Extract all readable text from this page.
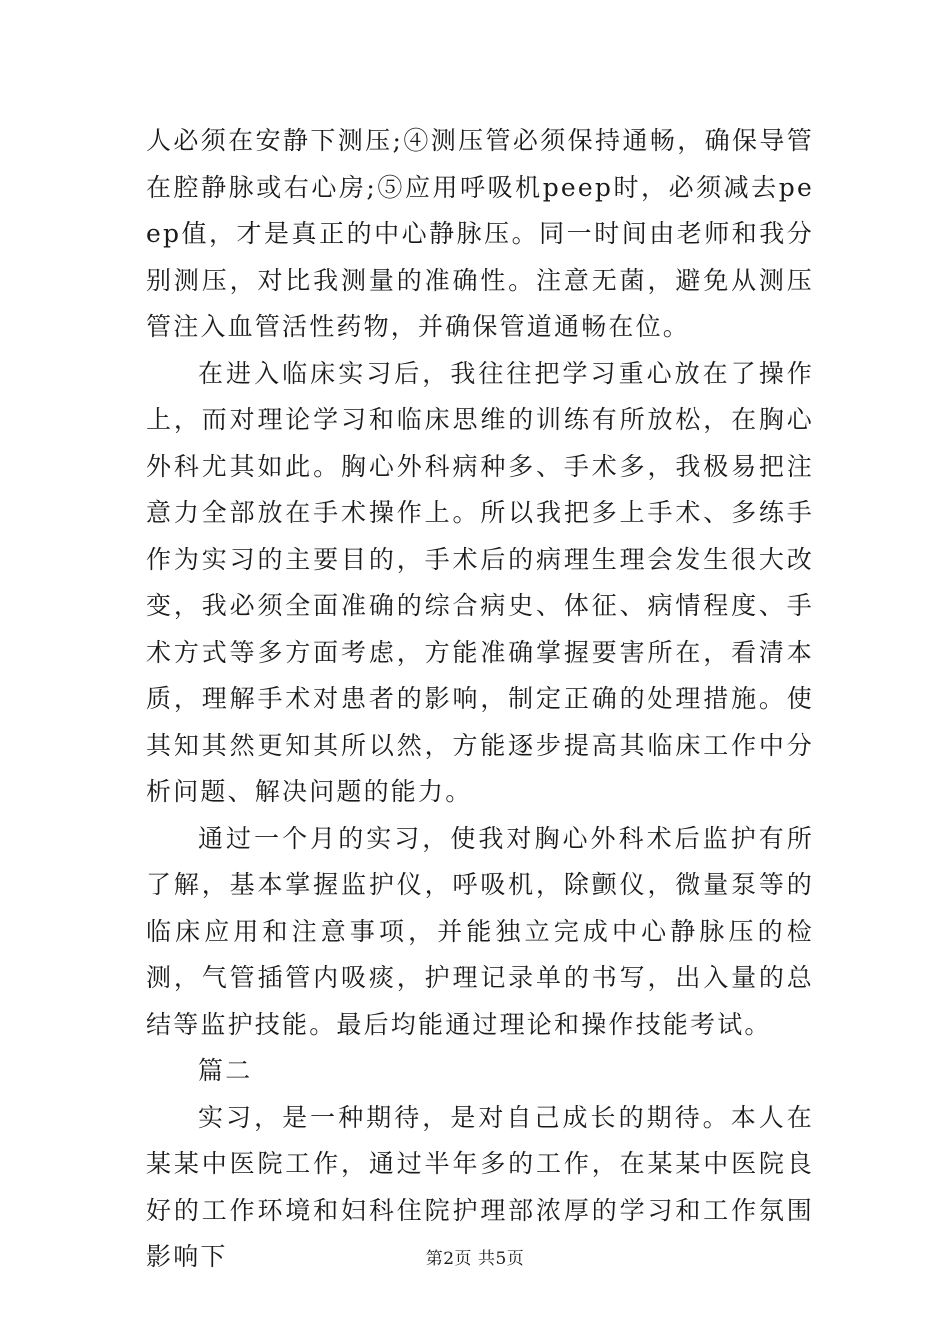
人必须在安静下测压;④测压管必须保持通畅，确保导管在腔静脉或右心房;⑤应用呼吸机peep时，必须减去peep值，才是真正的中心静脉压。同一时间由老师和我分别测压，对比我测量的准确性。注意无菌，避免从测压管注入血管活性药物，并确保管道通畅在位。

在进入临床实习后，我往往把学习重心放在了操作上，而对理论学习和临床思维的训练有所放松，在胸心外科尤其如此。胸心外科病种多、手术多，我极易把注意力全部放在手术操作上。所以我把多上手术、多练手作为实习的主要目的，手术后的病理生理会发生很大改变，我必须全面准确的综合病史、体征、病情程度、手术方式等多方面考虑，方能准确掌握要害所在，看清本质，理解手术对患者的影响，制定正确的处理措施。使其知其然更知其所以然，方能逐步提高其临床工作中分析问题、解决问题的能力。

通过一个月的实习，使我对胸心外科术后监护有所了解，基本掌握监护仪，呼吸机，除颤仪，微量泵等的临床应用和注意事项，并能独立完成中心静脉压的检测，气管插管内吸痰，护理记录单的书写，出入量的总结等监护技能。最后均能通过理论和操作技能考试。

篇二

实习，是一种期待，是对自己成长的期待。本人在某某中医院工作，通过半年多的工作，在某某中医院良好的工作环境和妇科住院护理部浓厚的学习和工作氛围影响下	第2页 共5页
